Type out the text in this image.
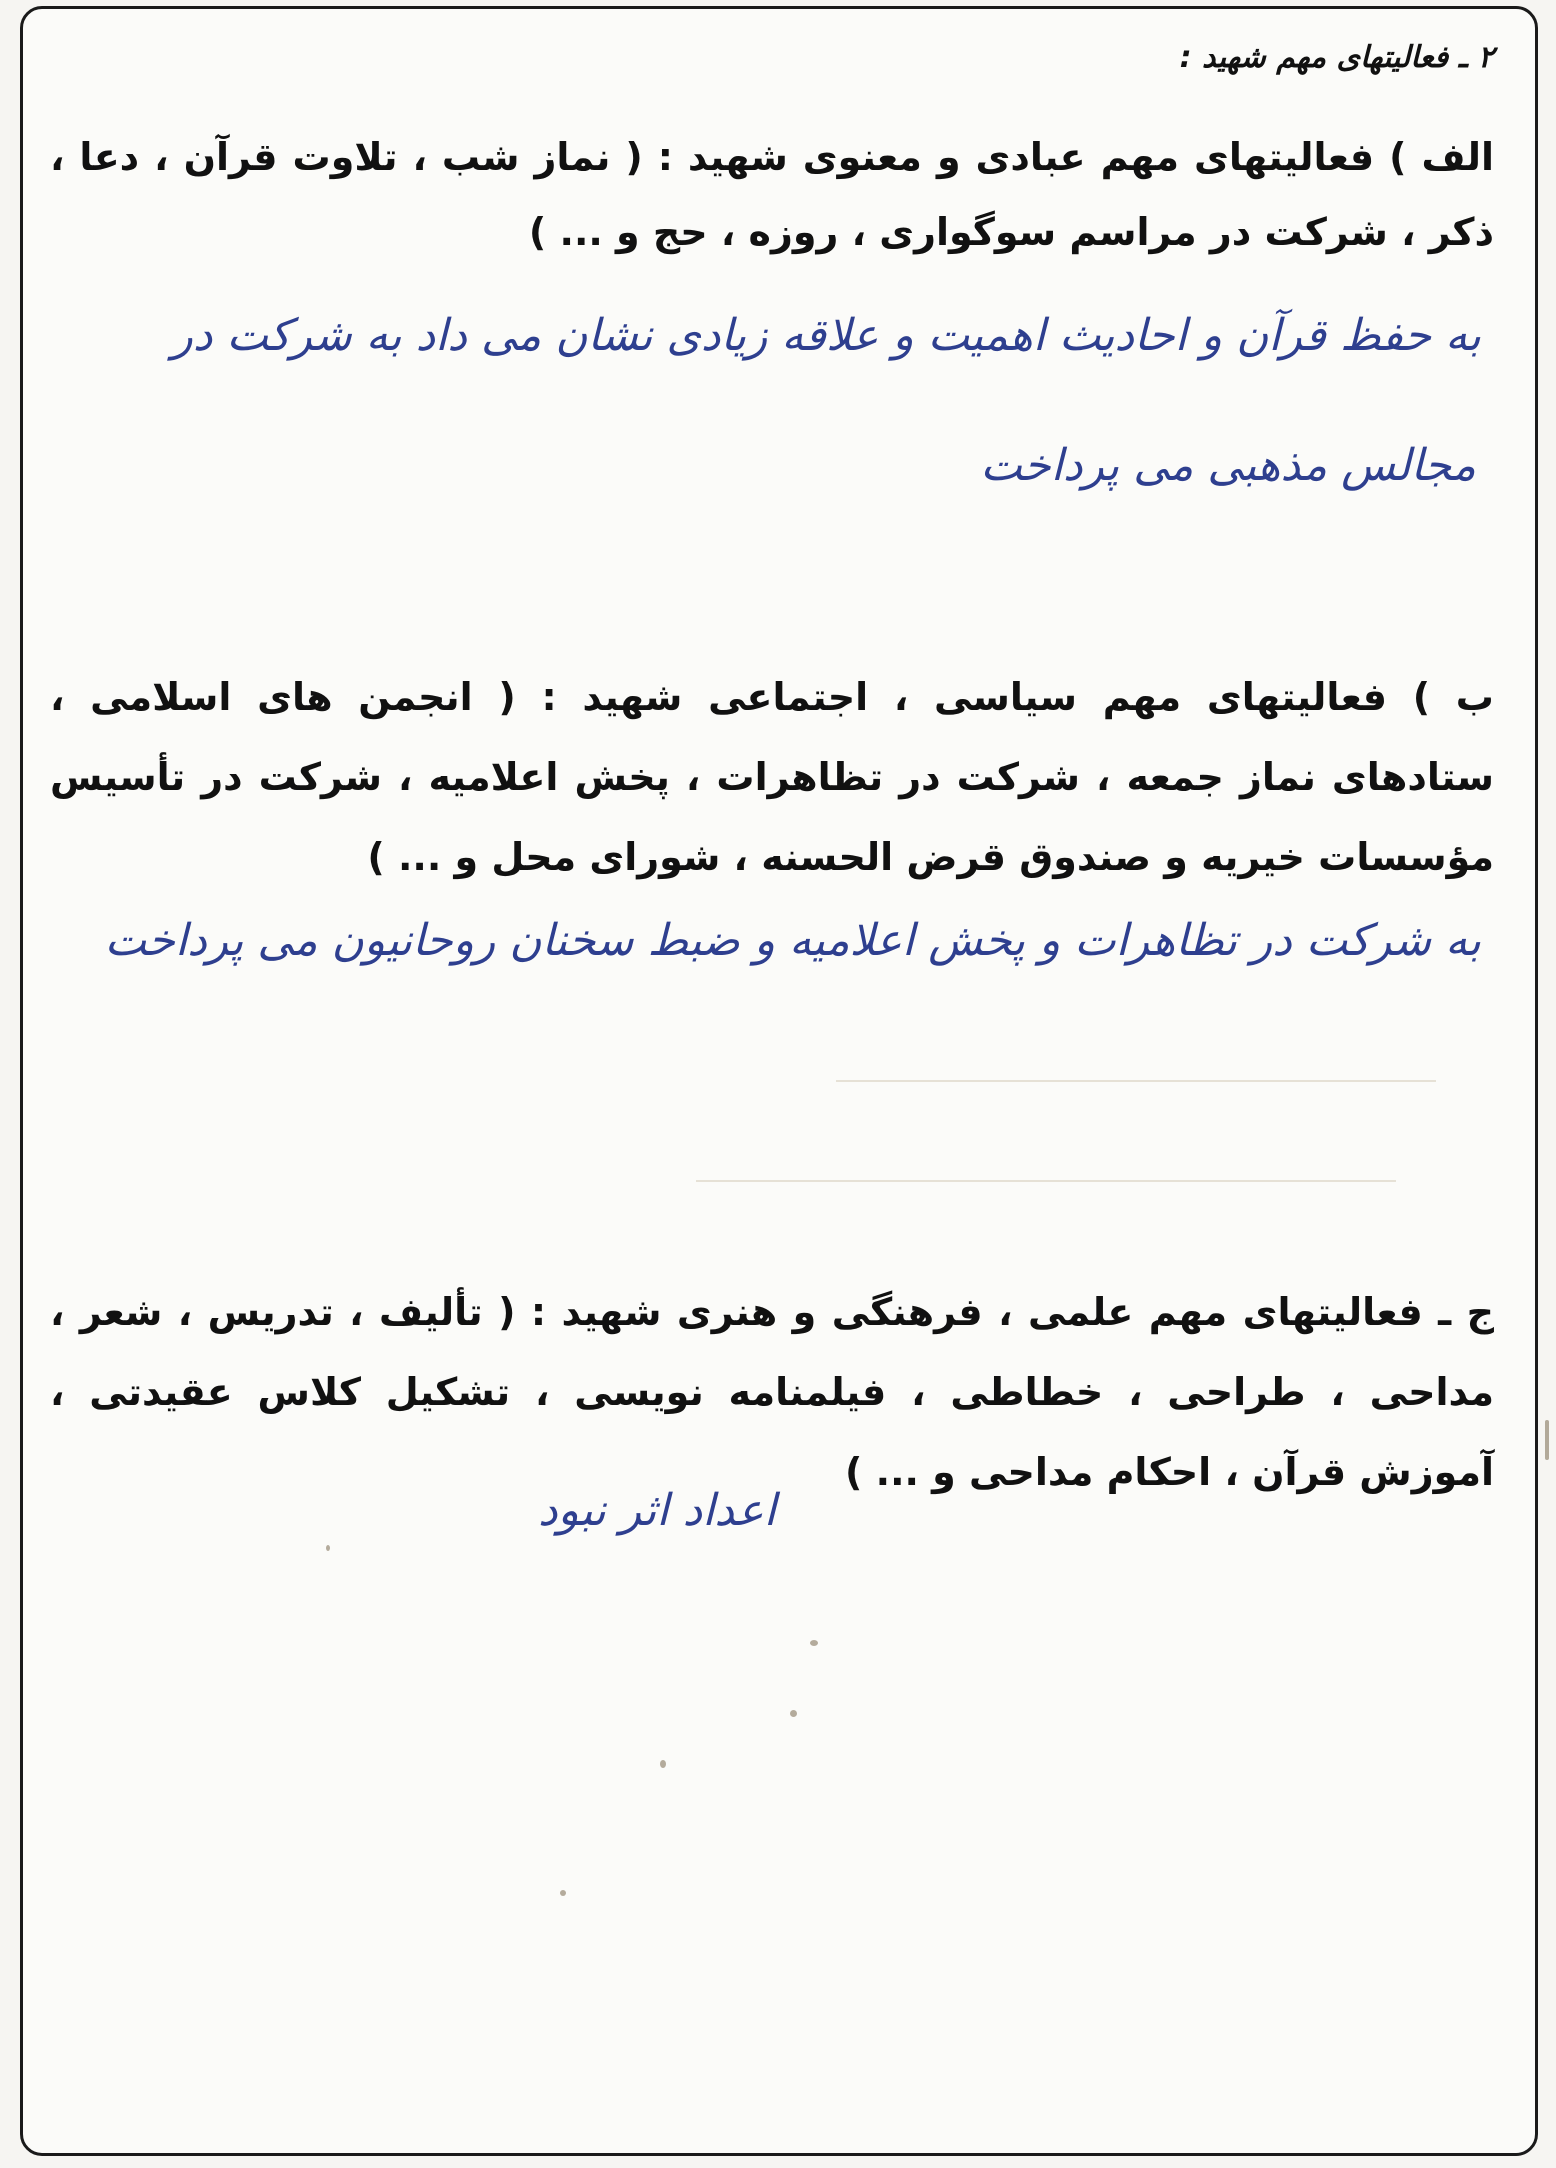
۲ ـ فعالیتهای مهم شهید :
الف ) فعالیتهای مهم عبادی و معنوی شهید : ( نماز شب ، تلاوت قرآن ، دعا ،
ذکر ، شرکت در مراسم سوگواری ، روزه ، حج و ... )
به حفظ قرآن و احادیث اهمیت و علاقه زیادی نشان می داد به شرکت در
مجالس مذهبی می پرداخت
ب ) فعالیتهای مهم سیاسی ، اجتماعی شهید : ( انجمن های اسلامی ،
ستادهای نماز جمعه ، شرکت در تظاهرات ، پخش اعلامیه ، شرکت در تأسیس
مؤسسات خیریه و صندوق قرض الحسنه ، شورای محل و ... )
به شرکت در تظاهرات و پخش اعلامیه و ضبط سخنان روحانیون می پرداخت
ج ـ فعالیتهای مهم علمی ، فرهنگی و هنری شهید : ( تألیف ، تدریس ، شعر ،
مداحی ، طراحی ، خطاطی ، فیلمنامه نویسی ، تشکیل کلاس عقیدتی ،
آموزش قرآن ، احکام مداحی و ... )
اعداد اثر نبود
